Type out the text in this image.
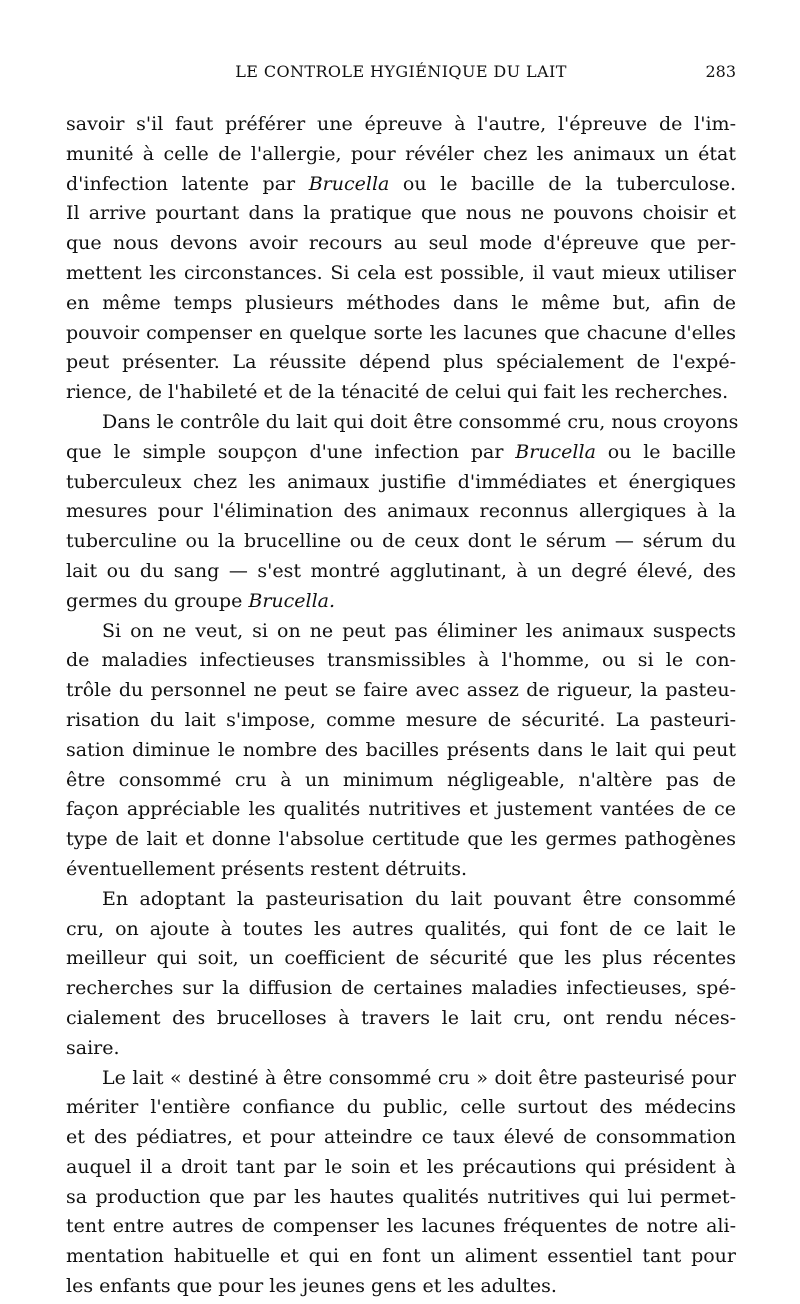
LE CONTROLE HYGIÉNIQUE DU LAIT	283
savoir s'il faut préférer une épreuve à l'autre, l'épreuve de l'im-
munité à celle de l'allergie, pour révéler chez les animaux un état
d'infection latente par Brucella ou le bacille de la tuberculose.
Il arrive pourtant dans la pratique que nous ne pouvons choisir et
que nous devons avoir recours au seul mode d'épreuve que per-
mettent les circonstances. Si cela est possible, il vaut mieux utiliser
en même temps plusieurs méthodes dans le même but, afin de
pouvoir compenser en quelque sorte les lacunes que chacune d'elles
peut présenter. La réussite dépend plus spécialement de l'expé-
rience, de l'habileté et de la ténacité de celui qui fait les recherches.
Dans le contrôle du lait qui doit être consommé cru, nous croyons
que le simple soupçon d'une infection par Brucella ou le bacille
tuberculeux chez les animaux justifie d'immédiates et énergiques
mesures pour l'élimination des animaux reconnus allergiques à la
tuberculine ou la brucelline ou de ceux dont le sérum — sérum du
lait ou du sang — s'est montré agglutinant, à un degré élevé, des
germes du groupe Brucella.
Si on ne veut, si on ne peut pas éliminer les animaux suspects
de maladies infectieuses transmissibles à l'homme, ou si le con-
trôle du personnel ne peut se faire avec assez de rigueur, la pasteu-
risation du lait s'impose, comme mesure de sécurité. La pasteuri-
sation diminue le nombre des bacilles présents dans le lait qui peut
être consommé cru à un minimum négligeable, n'altère pas de
façon appréciable les qualités nutritives et justement vantées de ce
type de lait et donne l'absolue certitude que les germes pathogènes
éventuellement présents restent détruits.
En adoptant la pasteurisation du lait pouvant être consommé
cru, on ajoute à toutes les autres qualités, qui font de ce lait le
meilleur qui soit, un coefficient de sécurité que les plus récentes
recherches sur la diffusion de certaines maladies infectieuses, spé-
cialement des brucelloses à travers le lait cru, ont rendu néces-
saire.
Le lait « destiné à être consommé cru » doit être pasteurisé pour
mériter l'entière confiance du public, celle surtout des médecins
et des pédiatres, et pour atteindre ce taux élevé de consommation
auquel il a droit tant par le soin et les précautions qui président à
sa production que par les hautes qualités nutritives qui lui permet-
tent entre autres de compenser les lacunes fréquentes de notre ali-
mentation habituelle et qui en font un aliment essentiel tant pour
les enfants que pour les jeunes gens et les adultes.
